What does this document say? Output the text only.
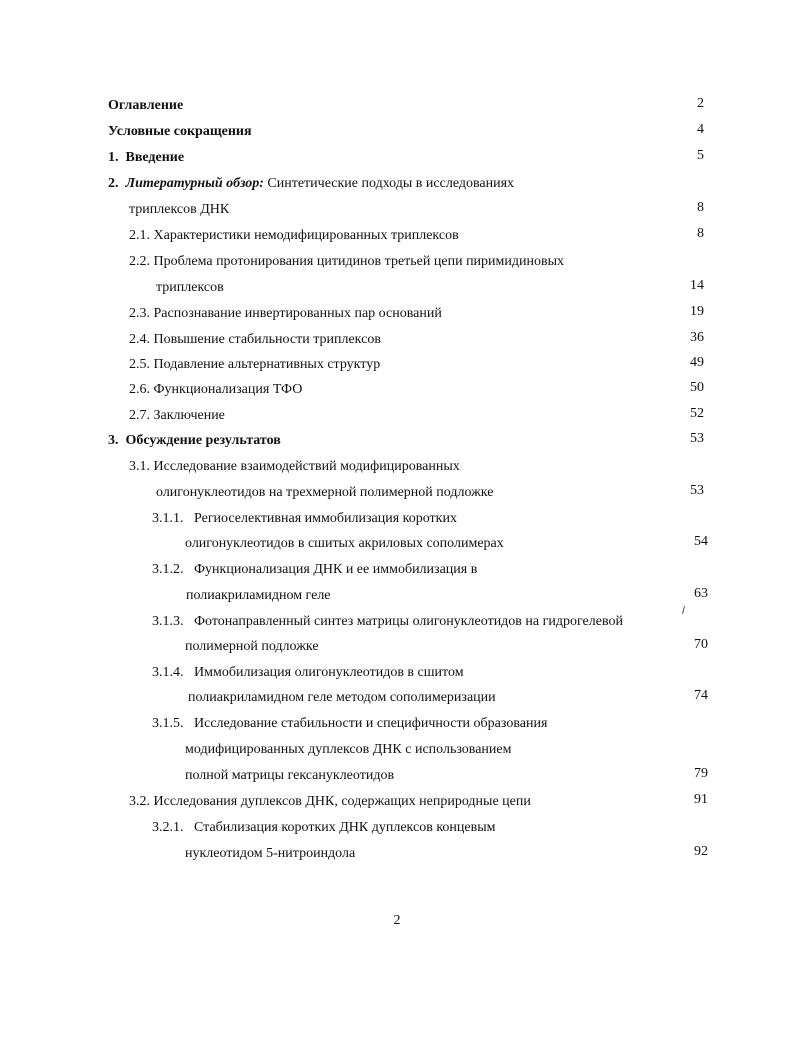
Оглавление	2
Условные сокращения	4
1. Введение	5
2. Литературный обзор: Синтетические подходы в исследованиях
триплексов ДНК	8
2.1. Характеристики немодифицированных триплексов	8
2.2. Проблема протонирования цитидинов третьей цепи пиримидиновых
триплексов	14
2.3. Распознавание инвертированных пар оснований	19
2.4. Повышение стабильности триплексов	36
2.5. Подавление альтернативных структур	49
2.6. Функционализация ТФО	50
2.7. Заключение	52
3. Обсуждение результатов	53
3.1. Исследование взаимодействий модифицированных
олигонуклеотидов на трехмерной полимерной подложке	53
3.1.1. Региоселективная иммобилизация коротких
олигонуклеотидов в сшитых акриловых сополимерах	54
3.1.2. Функционализация ДНК и ее иммобилизация в
полиакриламидном геле	63
3.1.3. Фотонаправленный синтез матрицы олигонуклеотидов на гидрогелевой
полимерной подложке	70
3.1.4. Иммобилизация олигонуклеотидов в сшитом
полиакриламидном геле методом сополимеризации	74
3.1.5. Исследование стабильности и специфичности образования
модифицированных дуплексов ДНК с использованием
полной матрицы гексануклеотидов	79
3.2. Исследования дуплексов ДНК, содержащих неприродные цепи	91
3.2.1. Стабилизация коротких ДНК дуплексов концевым
нуклеотидом 5-нитроиндола	92
2
